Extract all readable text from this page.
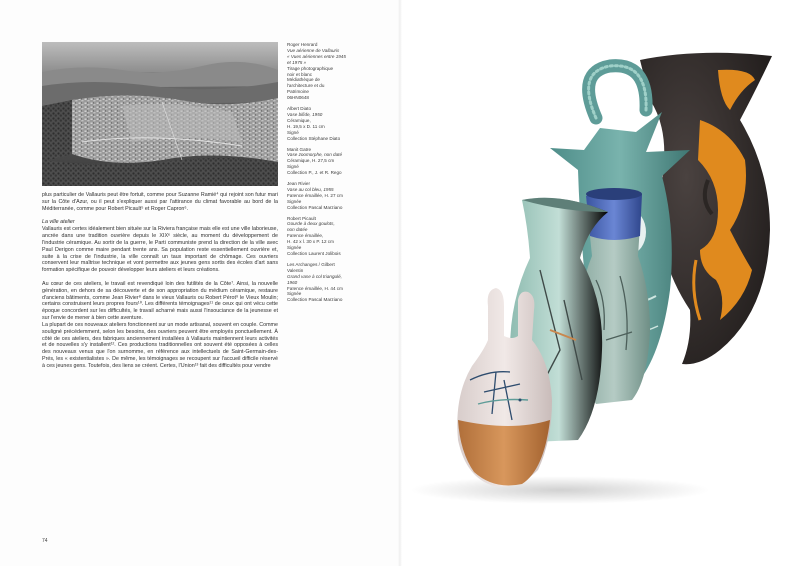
Roger Henrard
Vue aérienne de Vallauris
« Vues aériennes entre 1945
et 1975 »
Tirage photographique
noir et blanc
Médiathèque de
l'architecture et du
Patrimoine
06HN0648
Albert Diato
Vase bifide, 1950
Céramique,
H. 19,5 x D. 11 cm
Signé
Collection Stéphane Diato
Manit Gatre
Vase zoomorphe, non daté
Céramique, H. 27,5 cm
Signé
Collection P., J. et R. Rego
Jean Rivier
Vase au col bleu, 1955
Faïence émaillée, H. 27 cm
Signée
Collection Pascal Marziano
Robert Picault
Gourde à deux goulots,
non datée
Faïence émaillée,
H. 42 x l. 30 x P. 12 cm
Signée
Collection Laurent Jolibois
Les Archanges / Gilbert
Valentin
Grand vase à col triangulé,
1960
Faïence émaillée, H. 44 cm
Signée
Collection Pascal Marziano

plus particulier de Vallauris peut être fortuit, comme pour Suzanne Ramié⁴ qui rejoint son futur mari sur la Côte d'Azur, ou il peut s'expliquer aussi par l'attirance du climat favorable au bord de la Méditerranée, comme pour Robert Picault⁵ et Roger Capron⁶.

La ville atelier

Vallauris est certes idéalement bien située sur la Riviera française mais elle est une ville laborieuse, ancrée dans une tradition ouvrière depuis le XIXᵉ siècle, au moment du développement de l'industrie céramique. Au sortir de la guerre, le Parti communiste prend la direction de la ville avec Paul Derigon comme maire pendant trente ans. Sa population reste essentiellement ouvrière et, suite à la crise de l'industrie, la ville connaît un taux important de chômage. Ces ouvriers conservent leur maîtrise technique et vont permettre aux jeunes gens sortis des écoles d'art sans formation spécifique de pouvoir développer leurs ateliers et leurs créations.

Au cœur de ces ateliers, le travail est revendiqué loin des futilités de la Côte⁷. Ainsi, la nouvelle génération, en dehors de sa découverte et de son appropriation du médium céramique, restaure d'anciens bâtiments, comme Jean Rivier⁸ dans le vieux Vallauris ou Robert Pérot⁹ le Vieux Moulin; certains construisent leurs propres fours¹⁰. Les différents témoignages¹¹ de ceux qui ont vécu cette époque concordent sur les difficultés, le travail acharné mais aussi l'insouciance de la jeunesse et sur l'envie de mener à bien cette aventure.

La plupart de ces nouveaux ateliers fonctionnent sur un mode artisanal, souvent en couple. Comme souligné précédemment, selon les besoins, des ouvriers peuvent être employés ponctuellement. À côté de ces ateliers, des fabriques anciennement installées à Vallauris maintiennent leurs activités et de nouvelles s'y installent¹². Ces productions traditionnelles ont souvent été opposées à celles des nouveaux venus que l'on surnomme, en référence aux intellectuels de Saint-Germain-des-Prés, les « existentialistes ». De même, les témoignages se recoupent sur l'accueil difficile réservé à ces jeunes gens. Toutefois, des liens se créent. Certes, l'Union¹³ fait des difficultés pour vendre

74
